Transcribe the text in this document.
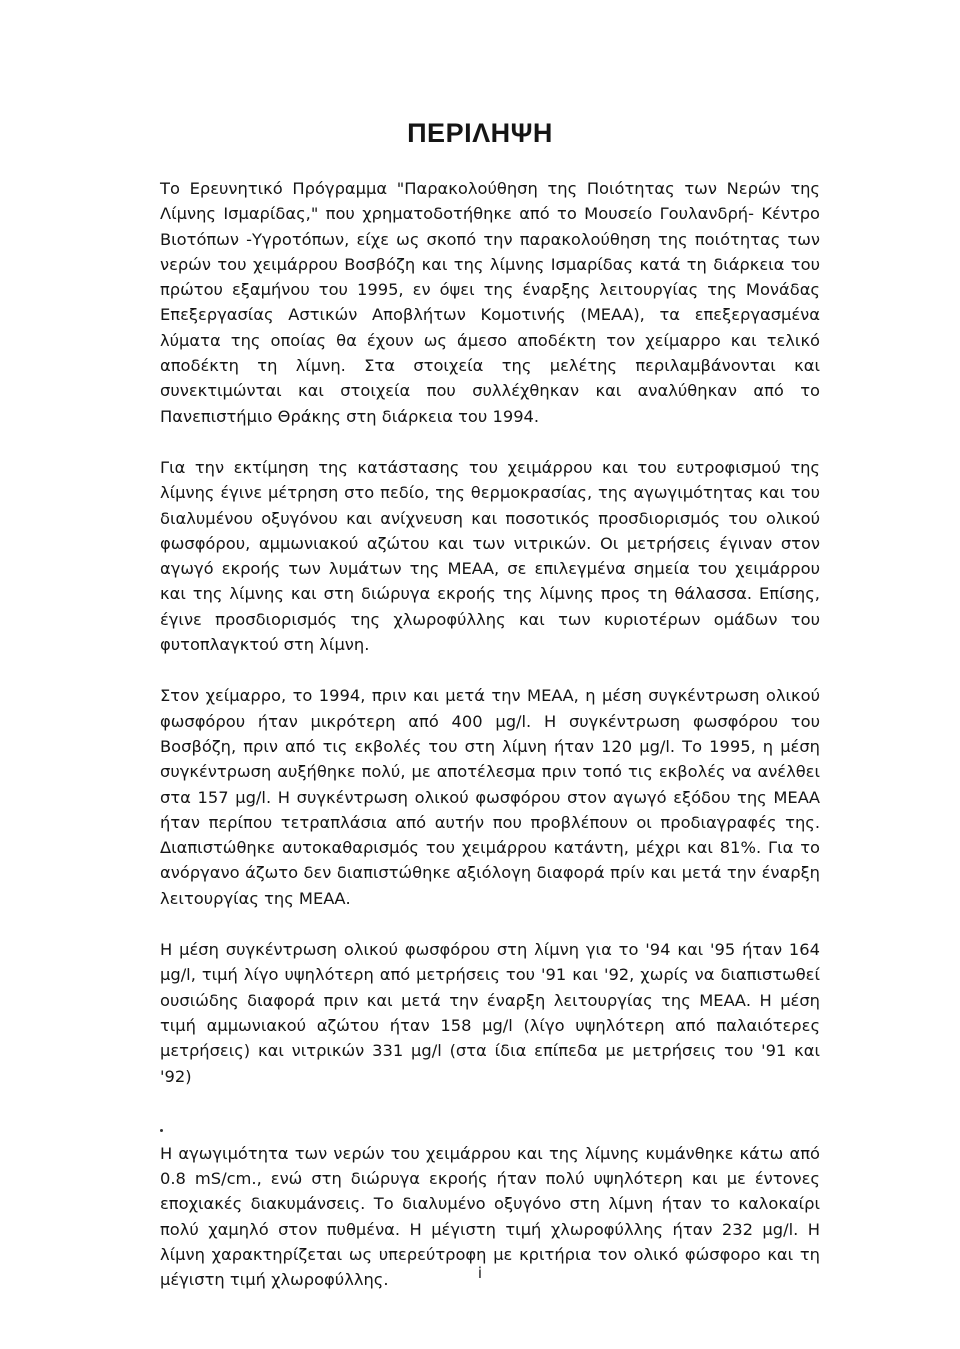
ΠΕΡΙΛΗΨΗ

Το Ερευνητικό Πρόγραμμα "Παρακολούθηση της Ποιότητας των Νερών της Λίμνης Ισμαρίδας," που χρηματοδοτήθηκε από το Μουσείο Γουλανδρή- Κέντρο Βιοτόπων -Υγροτόπων, είχε ως σκοπό την παρακολούθηση της ποιότητας των νερών του χειμάρρου Βοσβόζη και της λίμνης Ισμαρίδας κατά τη διάρκεια του πρώτου εξαμήνου του 1995, εν όψει της έναρξης λειτουργίας της Μονάδας Επεξεργασίας Αστικών Αποβλήτων Κομοτινής (ΜΕΑΑ), τα επεξεργασμένα λύματα της οποίας θα έχουν ως άμεσο αποδέκτη τον χείμαρρο και τελικό αποδέκτη τη λίμνη. Στα στοιχεία της μελέτης περιλαμβάνονται και συνεκτιμώνται και στοιχεία που συλλέχθηκαν και αναλύθηκαν από το Πανεπιστήμιο Θράκης στη διάρκεια του 1994.

Για την εκτίμηση της κατάστασης του χειμάρρου και του ευτροφισμού της λίμνης έγινε μέτρηση στο πεδίο, της θερμοκρασίας, της αγωγιμότητας και του διαλυμένου οξυγόνου και ανίχνευση και ποσοτικός προσδιορισμός του ολικού φωσφόρου, αμμωνιακού αζώτου και των νιτρικών. Οι μετρήσεις έγιναν στον αγωγό εκροής των λυμάτων της ΜΕΑΑ, σε επιλεγμένα σημεία του χειμάρρου και της λίμνης και στη διώρυγα εκροής της λίμνης προς τη θάλασσα. Επίσης, έγινε προσδιορισμός της χλωροφύλλης και των κυριοτέρων ομάδων του φυτοπλαγκτού στη λίμνη.

Στον χείμαρρο, το 1994, πριν και μετά την ΜΕΑΑ, η μέση συγκέντρωση ολικού φωσφόρου ήταν μικρότερη από 400 μg/l. Η συγκέντρωση φωσφόρου του Βοσβόζη, πριν από τις εκβολές του στη λίμνη ήταν 120 μg/l. Το 1995, η μέση συγκέντρωση αυξήθηκε πολύ, με αποτέλεσμα πριν τοπό τις εκβολές να ανέλθει στα 157 μg/l. Η συγκέντρωση ολικού φωσφόρου στον αγωγό εξόδου της ΜΕΑΑ ήταν περίπου τετραπλάσια από αυτήν που προβλέπουν οι προδιαγραφές της. Διαπιστώθηκε αυτοκαθαρισμός του χειμάρρου κατάντη, μέχρι και 81%. Για το ανόργανο άζωτο δεν διαπιστώθηκε αξιόλογη διαφορά πρίν και μετά την έναρξη λειτουργίας της ΜΕΑΑ.

Η μέση συγκέντρωση ολικού φωσφόρου στη λίμνη για το '94 και '95 ήταν 164 μg/l, τιμή λίγο υψηλότερη από μετρήσεις του '91 και '92, χωρίς να διαπιστωθεί ουσιώδης διαφορά πριν και μετά την έναρξη λειτουργίας της ΜΕΑΑ. Η μέση τιμή αμμωνιακού αζώτου ήταν 158 μg/l (λίγο υψηλότερη από παλαιότερες μετρήσεις) και νιτρικών 331 μg/l (στα ίδια επίπεδα με μετρήσεις του '91 και '92)

Η αγωγιμότητα των νερών του χειμάρρου και της λίμνης κυμάνθηκε κάτω από 0.8 mS/cm., ενώ στη διώρυγα εκροής ήταν πολύ υψηλότερη και με έντονες εποχιακές διακυμάνσεις. Το διαλυμένο οξυγόνο στη λίμνη ήταν το καλοκαίρι πολύ χαμηλό στον πυθμένα. Η μέγιστη τιμή χλωροφύλλης ήταν 232 μg/l. Η λίμνη χαρακτηρίζεται ως υπερεύτροφη με κριτήρια τον ολικό φώσφορο και τη μέγιστη τιμή χλωροφύλλης.	i
